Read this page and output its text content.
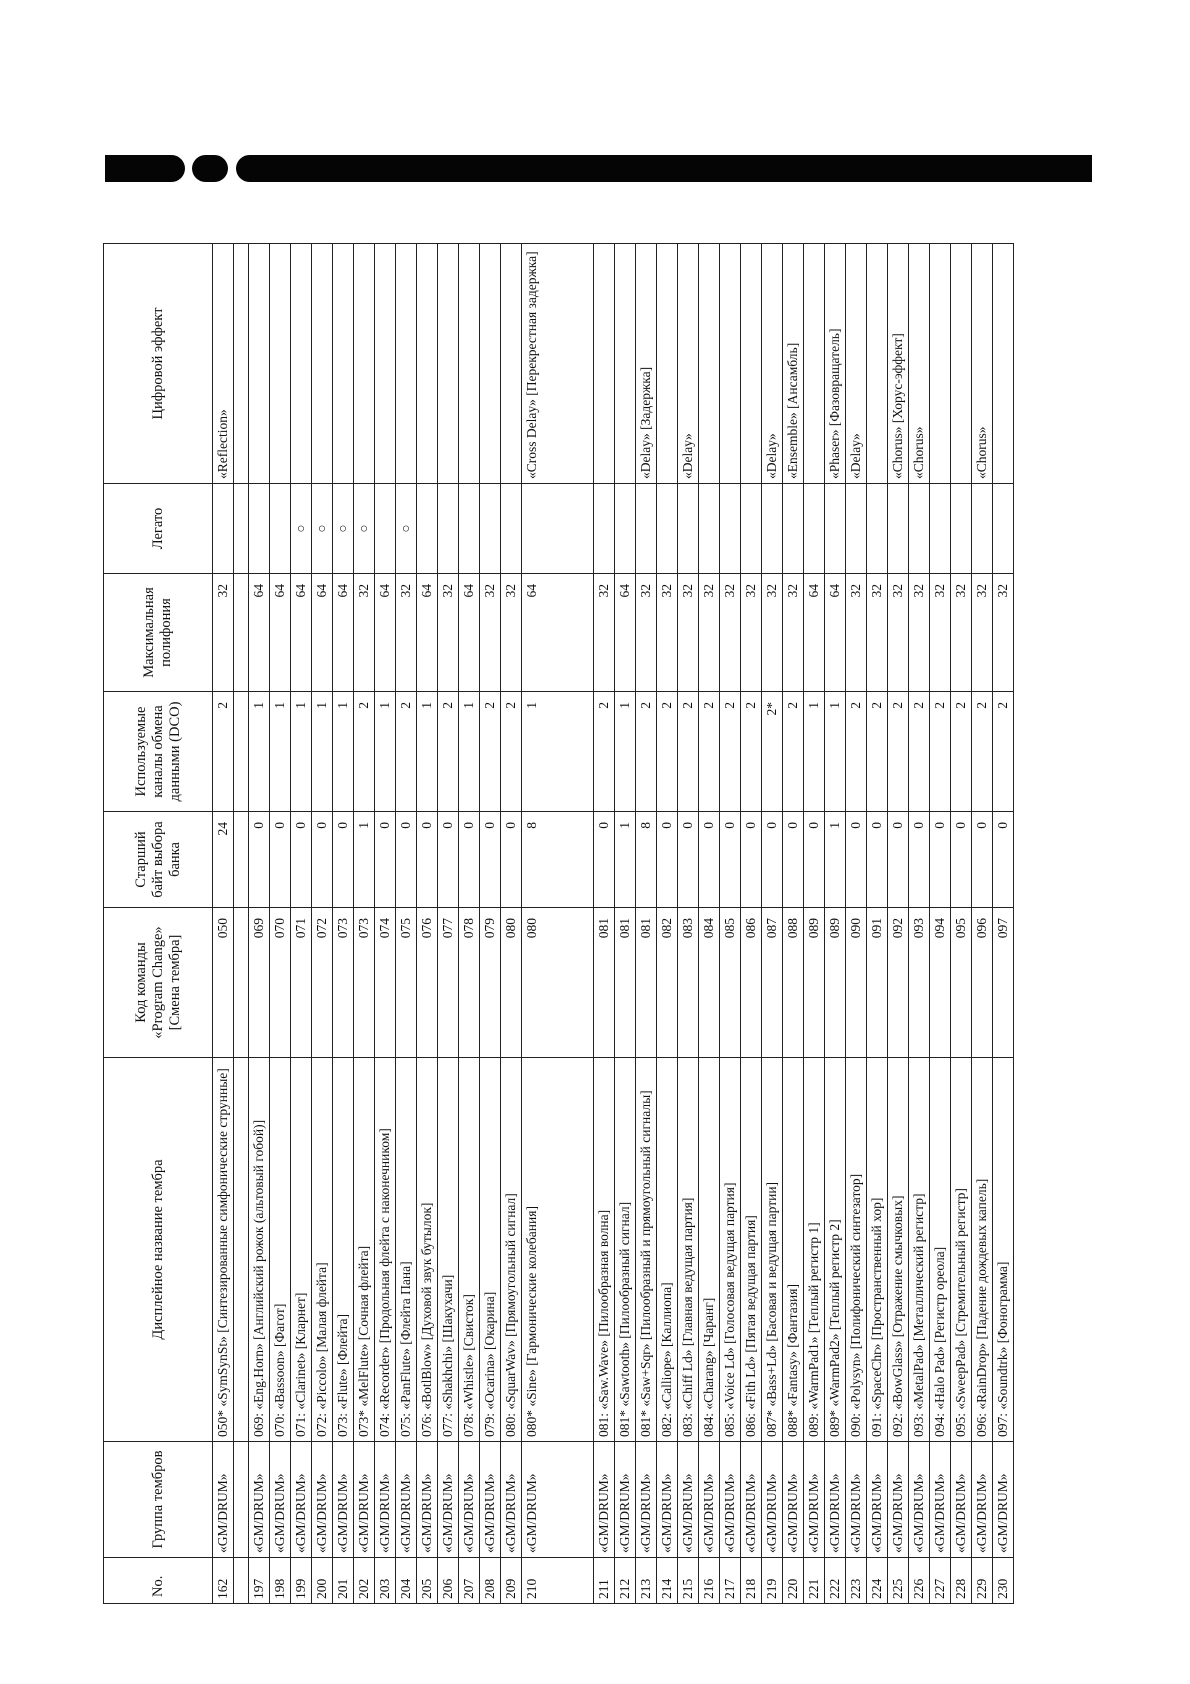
No.	Группа тембров	Дисплейное название тембра	Код команды «Program Change» [Смена тембра]	Старший байт выбора банка	Используемые каналы обмена данными (DCO)	Максимальная полифония	Легато	Цифровой эффект
162	«GM/DRUM»	050* «SymSynSt» [Синтезированные симфонические струнные]	050	24	2	32		«Reflection»

197	«GM/DRUM»	069: «Eng.Horn» [Английский рожок (альтовый гобой)]	069	0	1	64		
198	«GM/DRUM»	070: «Bassoon» [Фагот]	070	0	1	64		
199	«GM/DRUM»	071: «Clarinet» [Кларнет]	071	0	1	64	○	
200	«GM/DRUM»	072: «Piccolo» [Малая флейта]	072	0	1	64	○	
201	«GM/DRUM»	073: «Flute» [Флейта]	073	0	1	64	○	
202	«GM/DRUM»	073* «MelFlute» [Сочная флейта]	073	1	2	32	○	
203	«GM/DRUM»	074: «Recorder» [Продольная флейта с наконечником]	074	0	1	64		
204	«GM/DRUM»	075: «PanFlute» [Флейта Пана]	075	0	2	32	○	
205	«GM/DRUM»	076: «BotlBlow» [Духовой звук бутылок]	076	0	1	64		
206	«GM/DRUM»	077: «Shakhchi» [Шакухачи]	077	0	2	32		
207	«GM/DRUM»	078: «Whistle» [Свисток]	078	0	1	64		
208	«GM/DRUM»	079: «Ocarina» [Окарина]	079	0	2	32		
209	«GM/DRUM»	080: «SquarWav» [Прямоугольный сигнал]	080	0	2	32		
210	«GM/DRUM»	080* «Sine» [Гармонические колебания]	080	8	1	64		«Cross Delay» [Перекрестная задержка]
211	«GM/DRUM»	081: «Saw.Wave» [Пилообразная волна]	081	0	2	32		
212	«GM/DRUM»	081* «Sawtooth» [Пилообразный сигнал]	081	1	1	64		
213	«GM/DRUM»	081* «Saw+Sqr» [Пилообразный и прямоугольный сигналы]	081	8	2	32		«Delay» [Задержка]
214	«GM/DRUM»	082: «Calliope» [Каллиопа]	082	0	2	32		
215	«GM/DRUM»	083: «Chiff Ld» [Главная ведущая партия]	083	0	2	32		«Delay»
216	«GM/DRUM»	084: «Charang» [Чаранг]	084	0	2	32		
217	«GM/DRUM»	085: «Voice Ld» [Голосовая ведущая партия]	085	0	2	32		
218	«GM/DRUM»	086: «Fith Ld» [Пятая ведущая партия]	086	0	2	32		
219	«GM/DRUM»	087* «Bass+Ld» [Басовая и ведущая партии]	087	0	2*	32		«Delay»
220	«GM/DRUM»	088* «Fantasy» [Фантазия]	088	0	2	32		«Ensemble» [Ансамбль]
221	«GM/DRUM»	089: «WarmPad1» [Теплый регистр 1]	089	0	1	64		
222	«GM/DRUM»	089* «WarmPad2» [Теплый регистр 2]	089	1	1	64		«Phaser» [Фазовращатель]
223	«GM/DRUM»	090: «Polysyn» [Полифонический синтезатор]	090	0	2	32		«Delay»
224	«GM/DRUM»	091: «SpaceChr» [Пространственный хор]	091	0	2	32		
225	«GM/DRUM»	092: «BowGlass» [Отражение смычковых]	092	0	2	32		«Chorus» [Хорус-эффект]
226	«GM/DRUM»	093: «MetalPad» [Металлический регистр]	093	0	2	32		«Chorus»
227	«GM/DRUM»	094: «Halo Pad» [Регистр ореола]	094	0	2	32		
228	«GM/DRUM»	095: «SweepPad» [Стремительный регистр]	095	0	2	32		
229	«GM/DRUM»	096: «RainDrop» [Падение дождевых капель]	096	0	2	32		«Chorus»
230	«GM/DRUM»	097: «Soundtrk» [Фонограмма]	097	0	2	32		
